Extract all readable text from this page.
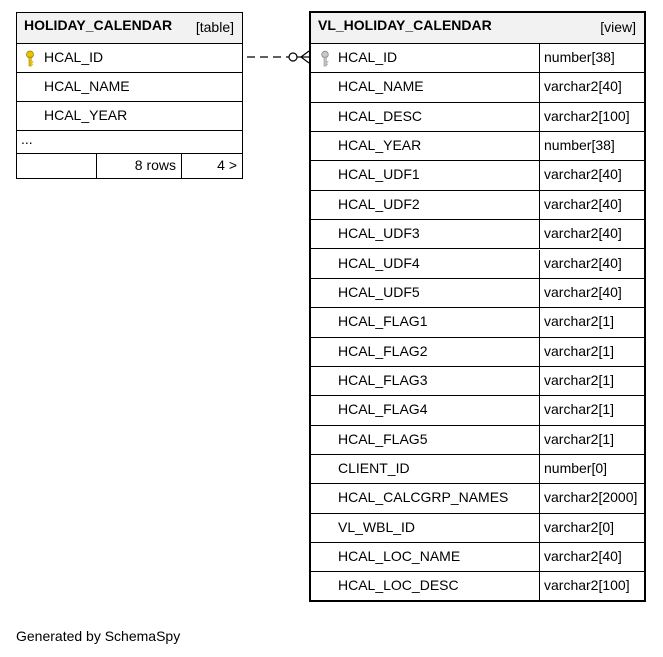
HOLIDAY_CALENDAR [table]
HCAL_ID
HCAL_NAME
HCAL_YEAR
...
8 rows	4 >
VL_HOLIDAY_CALENDAR	[view]
HCAL_ID	number[38]
HCAL_NAME	varchar2[40]
HCAL_DESC	varchar2[100]
HCAL_YEAR	number[38]
HCAL_UDF1	varchar2[40]
HCAL_UDF2	varchar2[40]
HCAL_UDF3	varchar2[40]
HCAL_UDF4	varchar2[40]
HCAL_UDF5	varchar2[40]
HCAL_FLAG1	varchar2[1]
HCAL_FLAG2	varchar2[1]
HCAL_FLAG3	varchar2[1]
HCAL_FLAG4	varchar2[1]
HCAL_FLAG5	varchar2[1]
CLIENT_ID	number[0]
HCAL_CALCGRP_NAMES	varchar2[2000]
VL_WBL_ID	varchar2[0]
HCAL_LOC_NAME	varchar2[40]
HCAL_LOC_DESC	varchar2[100]
Generated by SchemaSpy
